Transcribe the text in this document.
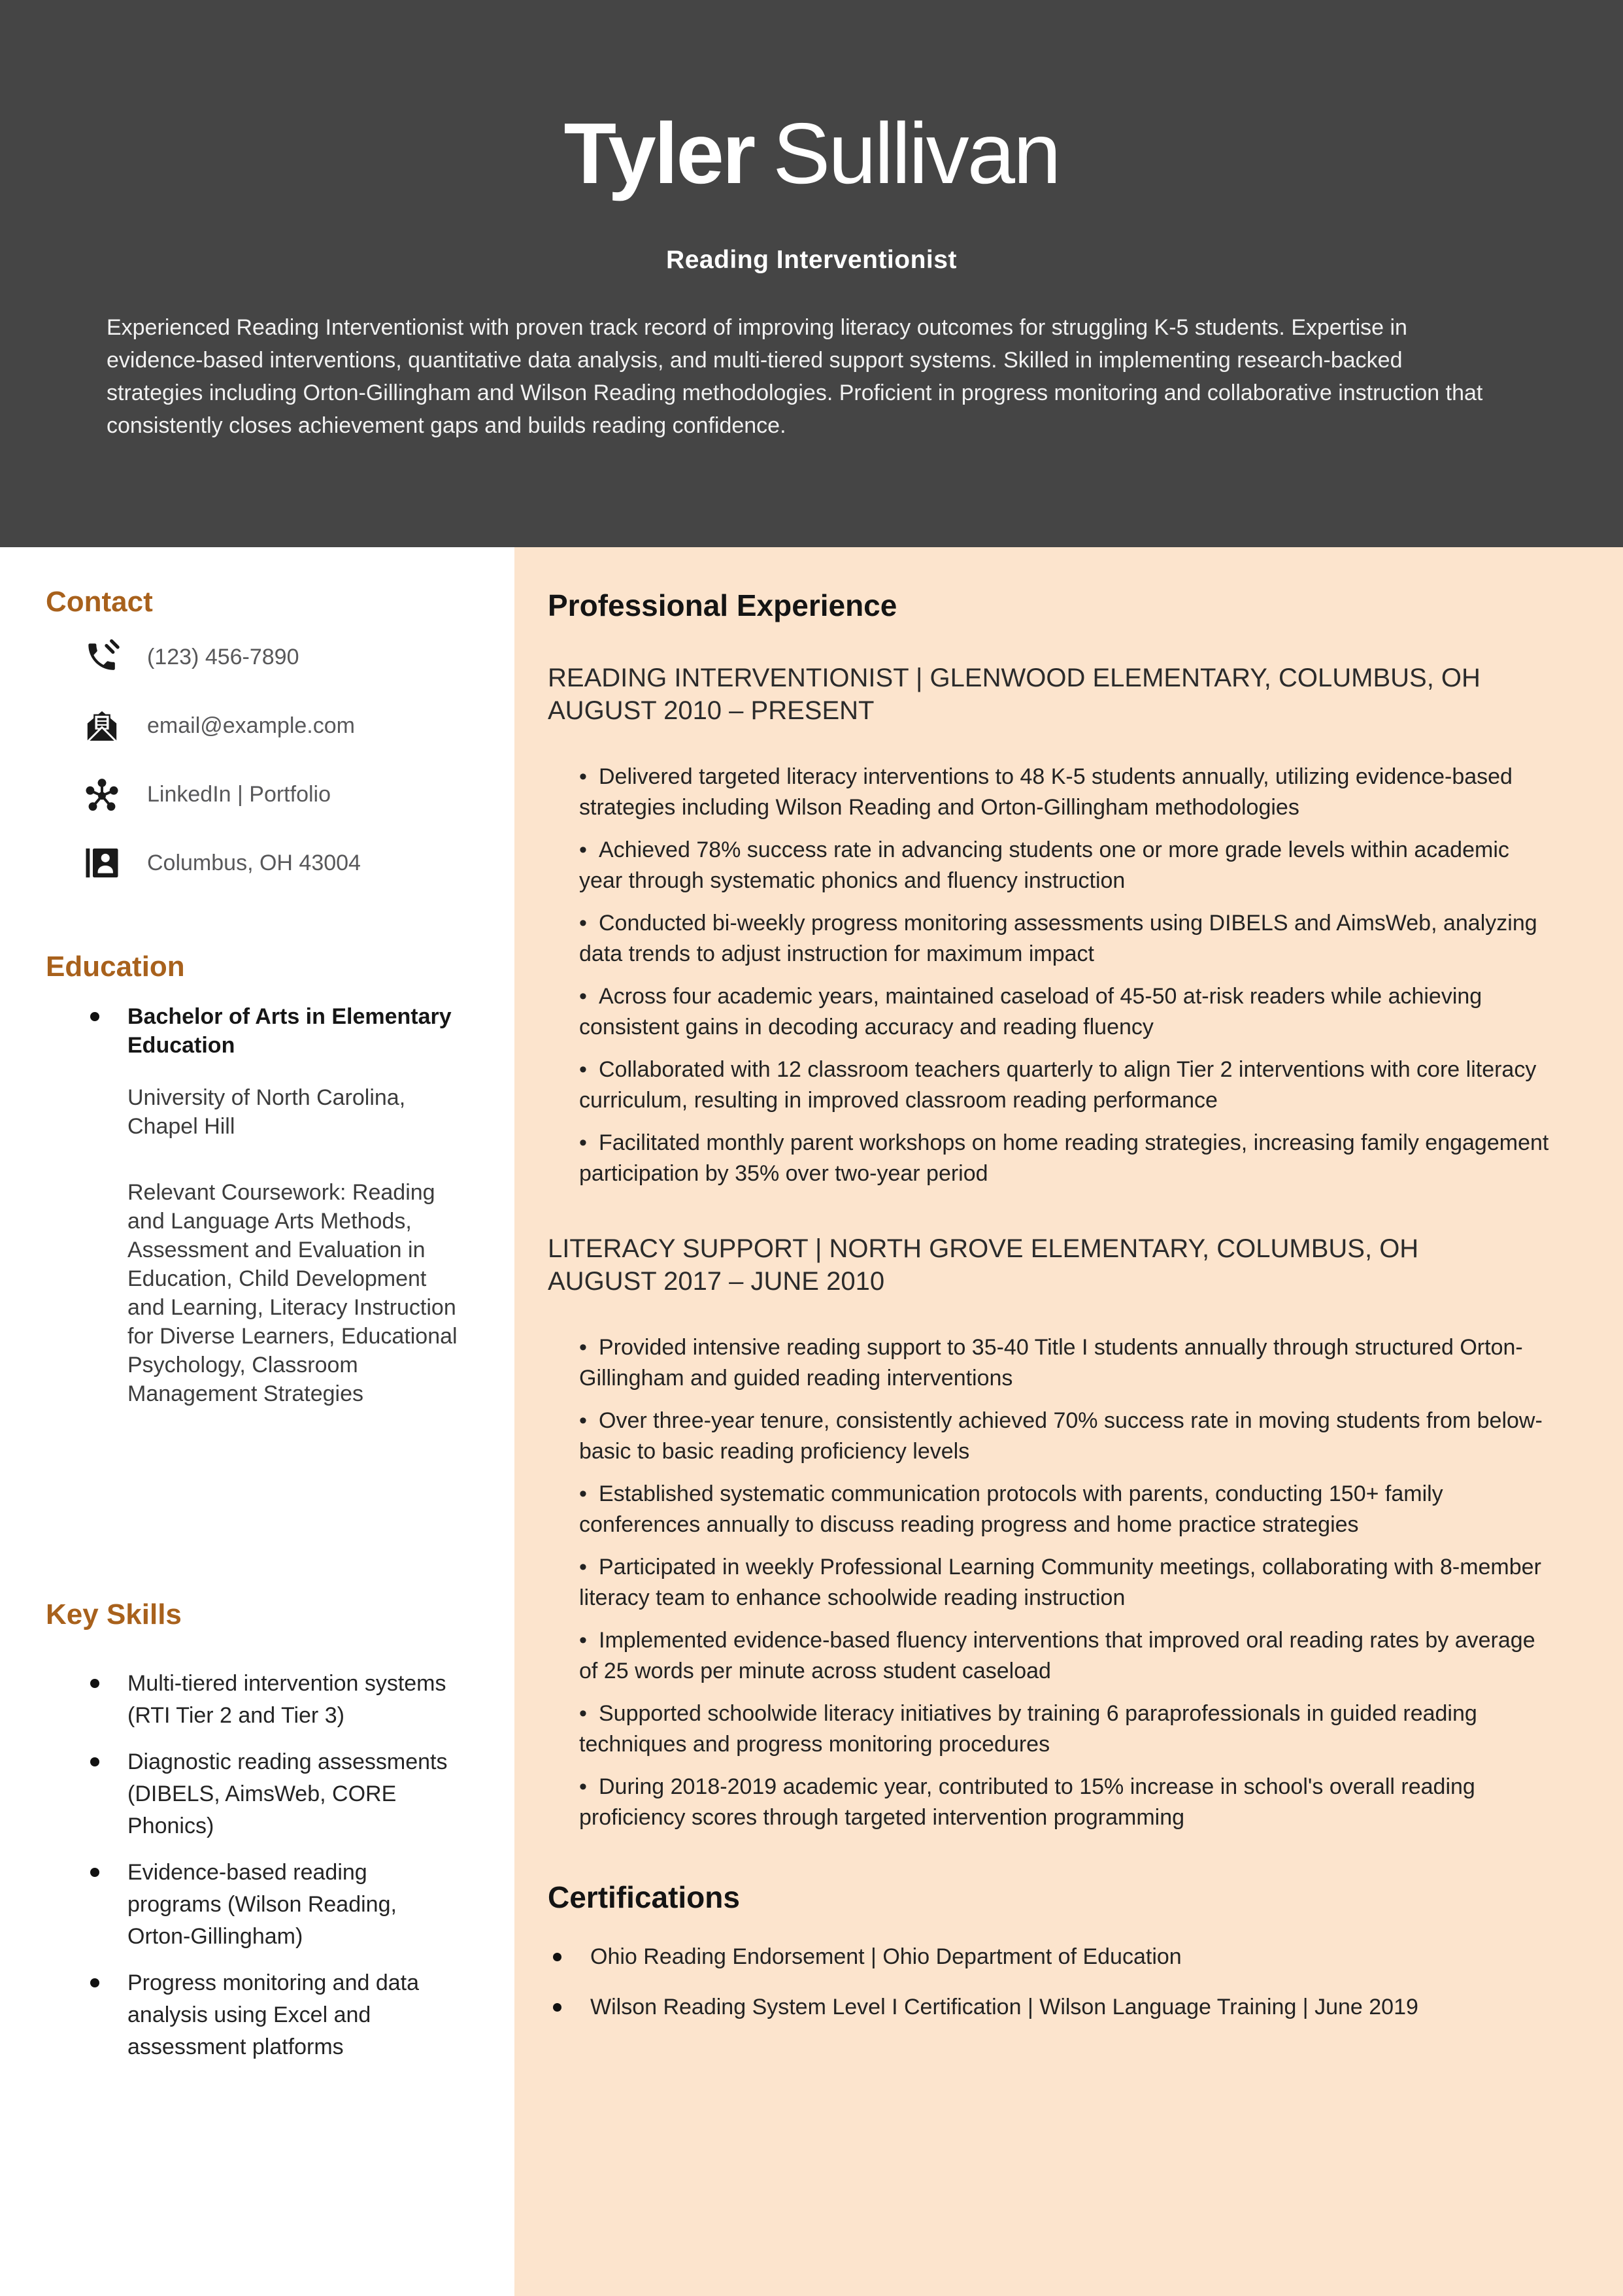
Tyler Sullivan
Reading Interventionist

Experienced Reading Interventionist with proven track record of improving literacy outcomes for struggling K-5 students. Expertise in evidence-based interventions, quantitative data analysis, and multi-tiered support systems. Skilled in implementing research-backed strategies including Orton-Gillingham and Wilson Reading methodologies. Proficient in progress monitoring and collaborative instruction that consistently closes achievement gaps and builds reading confidence.

Contact
(123) 456-7890
email@example.com
LinkedIn | Portfolio
Columbus, OH 43004
Education
Bachelor of Arts in Elementary Education
University of North Carolina, Chapel Hill
Relevant Coursework: Reading and Language Arts Methods, Assessment and Evaluation in Education, Child Development and Learning, Literacy Instruction for Diverse Learners, Educational Psychology, Classroom Management Strategies
Key Skills
Multi-tiered intervention systems (RTI Tier 2 and Tier 3)
Diagnostic reading assessments (DIBELS, AimsWeb, CORE Phonics)
Evidence-based reading programs (Wilson Reading, Orton-Gillingham)
Progress monitoring and data analysis using Excel and assessment platforms
Professional Experience
READING INTERVENTIONIST | GLENWOOD ELEMENTARY, COLUMBUS, OH
AUGUST 2010 – PRESENT
• Delivered targeted literacy interventions to 48 K-5 students annually, utilizing evidence-based strategies including Wilson Reading and Orton-Gillingham methodologies
• Achieved 78% success rate in advancing students one or more grade levels within academic year through systematic phonics and fluency instruction
• Conducted bi-weekly progress monitoring assessments using DIBELS and AimsWeb, analyzing data trends to adjust instruction for maximum impact
• Across four academic years, maintained caseload of 45-50 at-risk readers while achieving consistent gains in decoding accuracy and reading fluency
• Collaborated with 12 classroom teachers quarterly to align Tier 2 interventions with core literacy curriculum, resulting in improved classroom reading performance
• Facilitated monthly parent workshops on home reading strategies, increasing family engagement participation by 35% over two-year period
LITERACY SUPPORT | NORTH GROVE ELEMENTARY, COLUMBUS, OH
AUGUST 2017 – JUNE 2010
• Provided intensive reading support to 35-40 Title I students annually through structured Orton-Gillingham and guided reading interventions
• Over three-year tenure, consistently achieved 70% success rate in moving students from below-basic to basic reading proficiency levels
• Established systematic communication protocols with parents, conducting 150+ family conferences annually to discuss reading progress and home practice strategies
• Participated in weekly Professional Learning Community meetings, collaborating with 8-member literacy team to enhance schoolwide reading instruction
• Implemented evidence-based fluency interventions that improved oral reading rates by average of 25 words per minute across student caseload
• Supported schoolwide literacy initiatives by training 6 paraprofessionals in guided reading techniques and progress monitoring procedures
• During 2018-2019 academic year, contributed to 15% increase in school's overall reading proficiency scores through targeted intervention programming
Certifications
Ohio Reading Endorsement | Ohio Department of Education
Wilson Reading System Level I Certification | Wilson Language Training | June 2019
